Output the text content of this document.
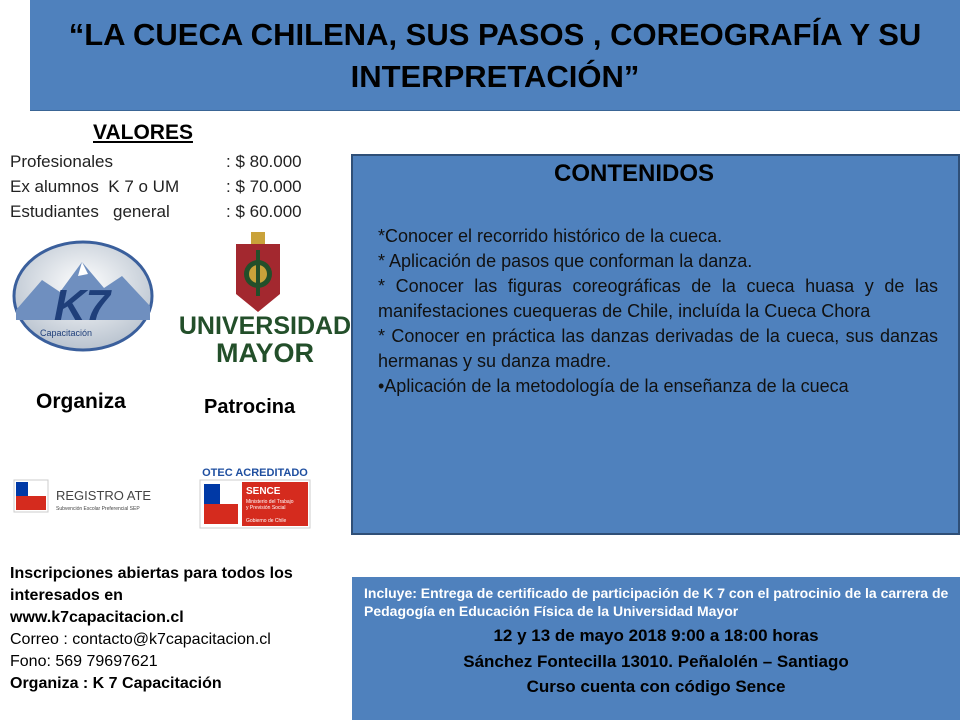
“LA CUECA CHILENA, SUS PASOS , COREOGRAFÍA Y SU
INTERPRETACIÓN”
VALORES
Profesionales	: $ 80.000
Ex alumnos  K 7 o UM	: $ 70.000
Estudiantes   general	: $ 60.000
K7
Capacitación	UNIVERSIDAD
MAYOR
Organiza	Patrocina
REGISTRO ATE
Subvención Escolar Preferencial SEP
OTEC ACREDITADO
SENCE
Ministerio del Trabajo
y Previsión Social
Gobierno de Chile
CONTENIDOS

*Conocer el recorrido histórico de la cueca.

* Aplicación de pasos que conforman la danza.

* Conocer las figuras coreográficas de la cueca huasa y de las manifestaciones cuequeras de Chile, incluída la Cueca Chora

* Conocer en práctica las danzas derivadas de la cueca, sus danzas hermanas y su danza madre.

•Aplicación de la metodología de la enseñanza de la cueca

Inscripciones abiertas para todos los interesados en

www.k7capacitacion.cl

Correo : contacto@k7capacitacion.cl

Fono: 569 79697621

Organiza : K 7 Capacitación

Incluye: Entrega de certificado de participación de K 7 con el patrocinio de la carrera de Pedagogía en Educación Física de la Universidad Mayor
12 y 13 de mayo 2018 9:00 a 18:00 horas
Sánchez Fontecilla 13010. Peñalolén – Santiago
Curso cuenta con código Sence
